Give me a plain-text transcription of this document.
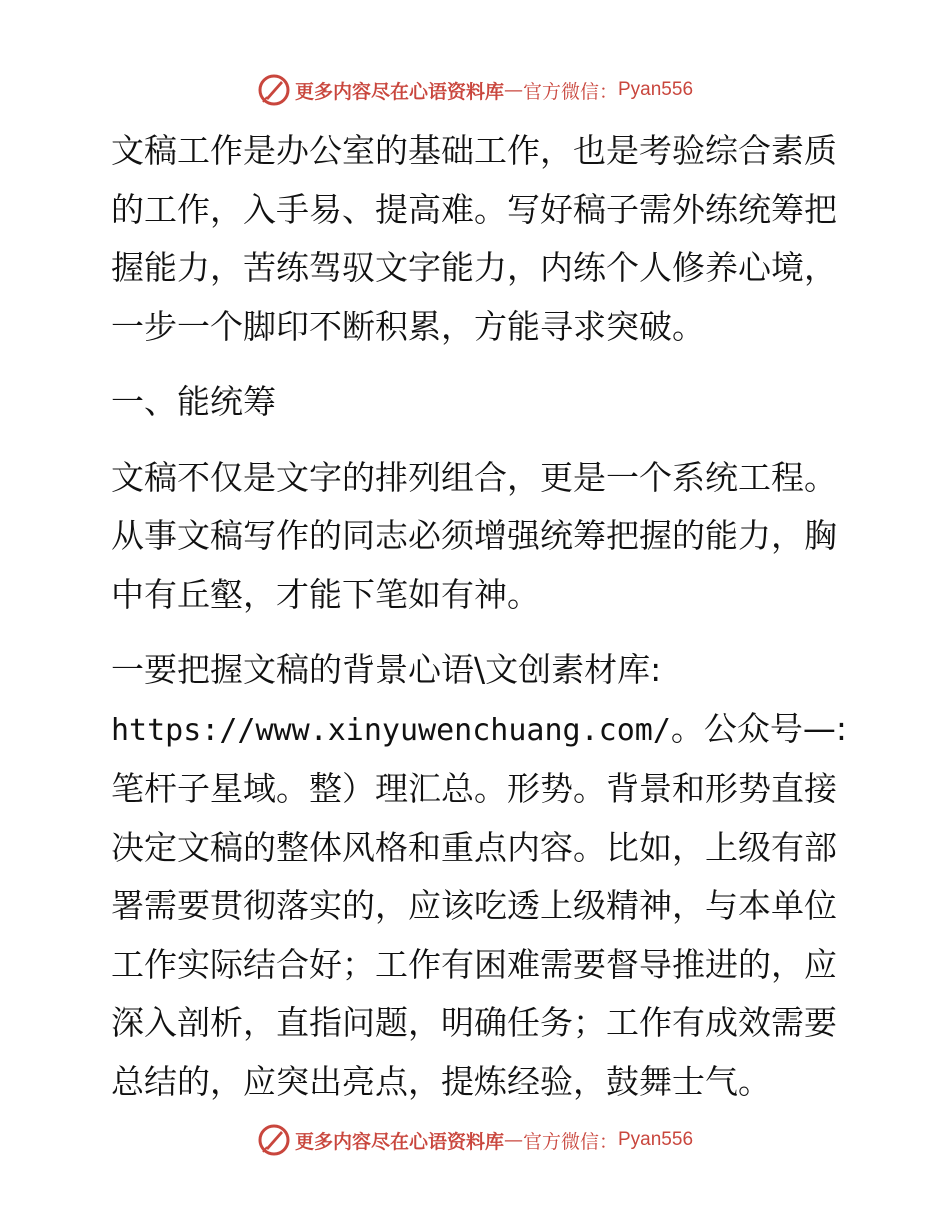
更多内容尽在心语资料库 — 官方微信： Pyan556

文稿工作是办公室的基础工作，也是考验综合素质的工作，入手易、提高难。写好稿子需外练统筹把握能力，苦练驾驭文字能力，内练个人修养心境，一步一个脚印不断积累，方能寻求突破。

一、能统筹

文稿不仅是文字的排列组合，更是一个系统工程。从事文稿写作的同志必须增强统筹把握的能力，胸中有丘壑，才能下笔如有神。

一要把握文稿的背景心语\文创素材库:
https://www.xinyuwenchuang.com/。公众号—:笔杆子星域。整）理汇总。形势。背景和形势直接决定文稿的整体风格和重点内容。比如，上级有部署需要贯彻落实的，应该吃透上级精神，与本单位工作实际结合好；工作有困难需要督导推进的，应深入剖析，直指问题，明确任务；工作有成效需要总结的，应突出亮点，提炼经验，鼓舞士气。

更多内容尽在心语资料库 — 官方微信： Pyan556
